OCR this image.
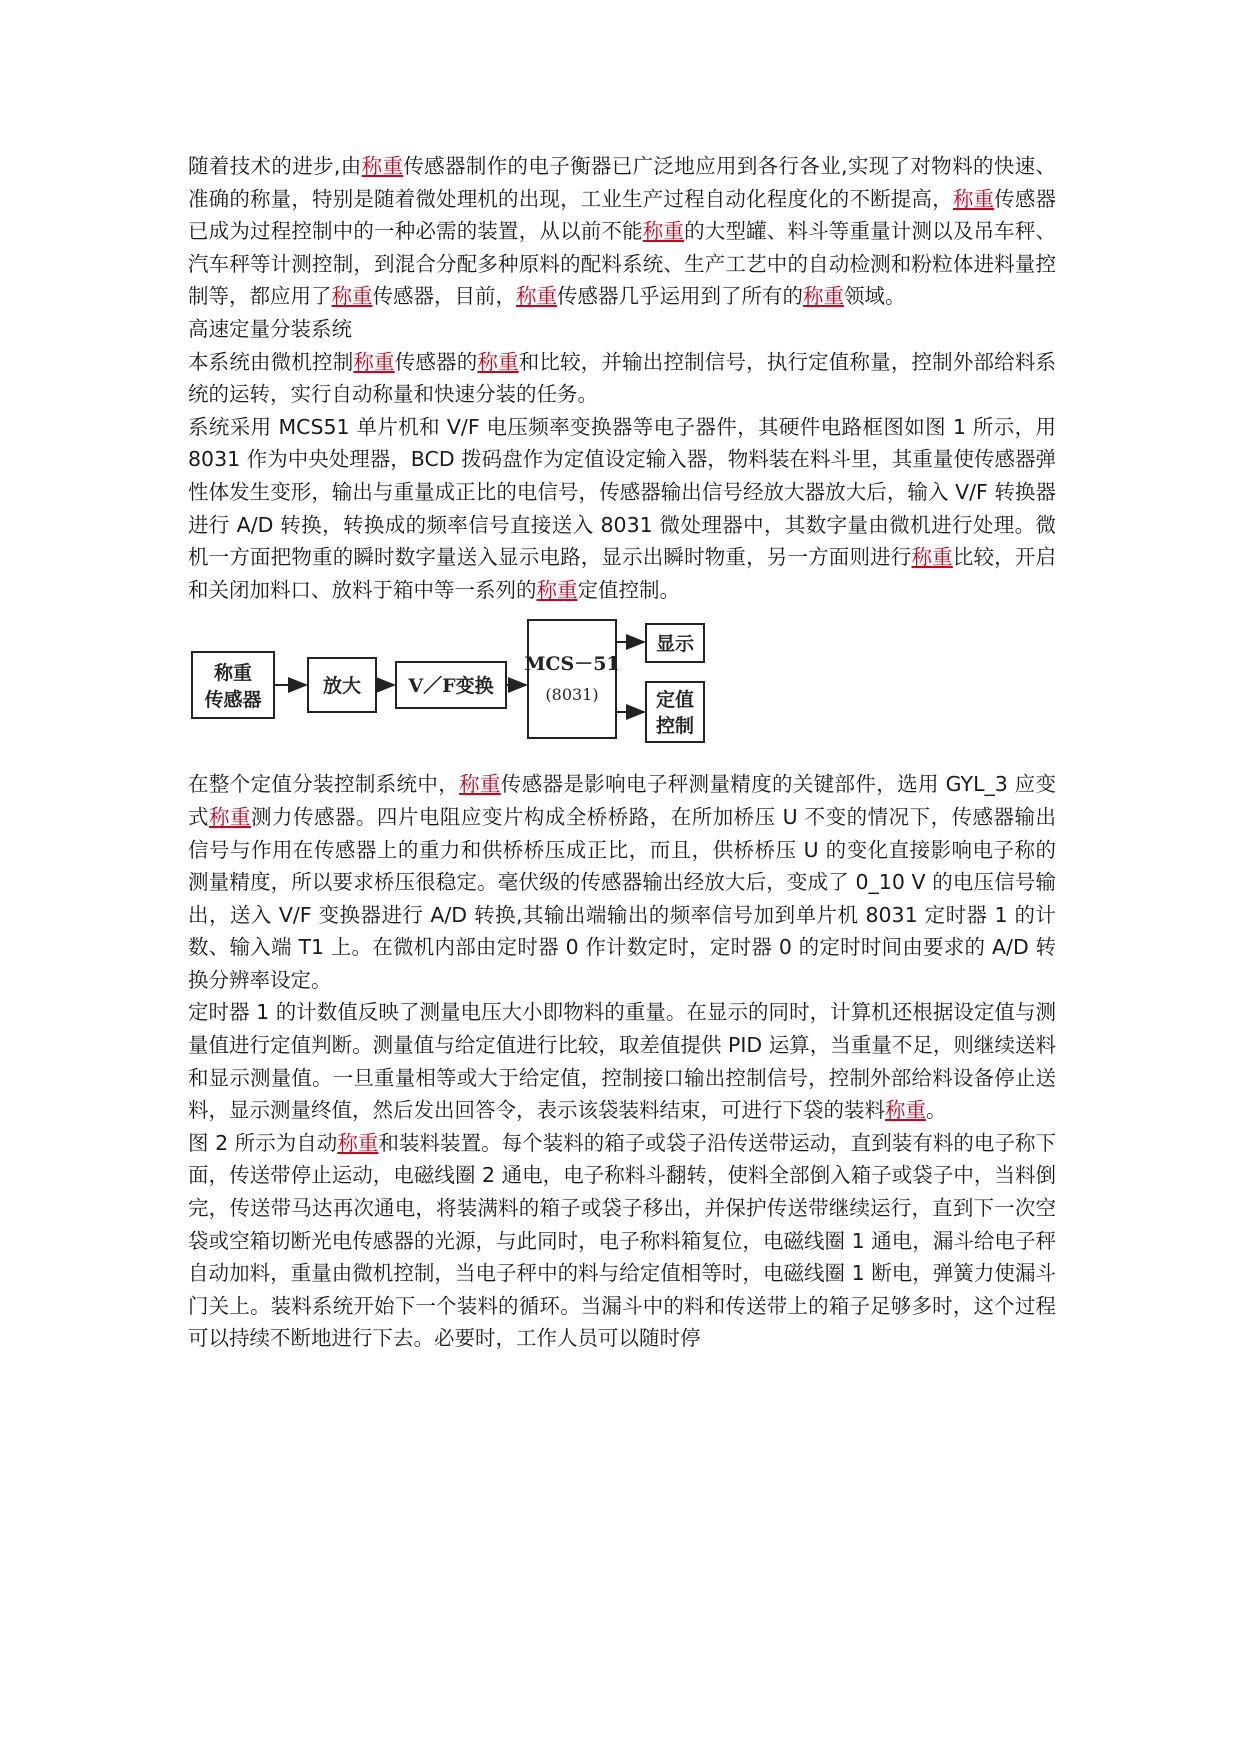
随着技术的进步,由称重传感器制作的电子衡器已广泛地应用到各行各业,实现了对物料的快速、准确的称量，特别是随着微处理机的出现，工业生产过程自动化程度化的不断提高，称重传感器已成为过程控制中的一种必需的装置，从以前不能称重的大型罐、料斗等重量计测以及吊车秤、汽车秤等计测控制，到混合分配多种原料的配料系统、生产工艺中的自动检测和粉粒体进料量控制等，都应用了称重传感器，目前，称重传感器几乎运用到了所有的称重领域。

高速定量分装系统

本系统由微机控制称重传感器的称重和比较，并输出控制信号，执行定值称量，控制外部给料系统的运转，实行自动称量和快速分装的任务。

系统采用 MCS51 单片机和 V/F 电压频率变换器等电子器件，其硬件电路框图如图 1 所示，用 8031 作为中央处理器，BCD 拨码盘作为定值设定输入器，物料装在料斗里，其重量使传感器弹性体发生变形，输出与重量成正比的电信号，传感器输出信号经放大器放大后，输入 V/F 转换器进行 A/D 转换，转换成的频率信号直接送入 8031 微处理器中，其数字量由微机进行处理。微机一方面把物重的瞬时数字量送入显示电路，显示出瞬时物重，另一方面则进行称重比较，开启和关闭加料口、放料于箱中等一系列的称重定值控制。

称重
传感器
放大 V／F变换
MCS－51
(8031)
显示
定值
控制

在整个定值分装控制系统中，称重传感器是影响电子秤测量精度的关键部件，选用 GYL_3 应变式称重测力传感器。四片电阻应变片构成全桥桥路，在所加桥压 U 不变的情况下，传感器输出信号与作用在传感器上的重力和供桥桥压成正比，而且，供桥桥压 U 的变化直接影响电子称的测量精度，所以要求桥压很稳定。毫伏级的传感器输出经放大后，变成了 0_10 V 的电压信号输出，送入 V/F 变换器进行 A/D 转换,其输出端输出的频率信号加到单片机 8031 定时器 1 的计数、输入端 T1 上。在微机内部由定时器 0 作计数定时，定时器 0 的定时时间由要求的 A/D 转换分辨率设定。

定时器 1 的计数值反映了测量电压大小即物料的重量。在显示的同时，计算机还根据设定值与测量值进行定值判断。测量值与给定值进行比较，取差值提供 PID 运算，当重量不足，则继续送料和显示测量值。一旦重量相等或大于给定值，控制接口输出控制信号，控制外部给料设备停止送料，显示测量终值，然后发出回答令，表示该袋装料结束，可进行下袋的装料称重。

图 2 所示为自动称重和装料装置。每个装料的箱子或袋子沿传送带运动，直到装有料的电子称下面，传送带停止运动，电磁线圈 2 通电，电子称料斗翻转，使料全部倒入箱子或袋子中，当料倒完，传送带马达再次通电，将装满料的箱子或袋子移出，并保护传送带继续运行，直到下一次空袋或空箱切断光电传感器的光源，与此同时，电子称料箱复位，电磁线圈 1 通电，漏斗给电子秤自动加料，重量由微机控制，当电子秤中的料与给定值相等时，电磁线圈 1 断电，弹簧力使漏斗门关上。装料系统开始下一个装料的循环。当漏斗中的料和传送带上的箱子足够多时，这个过程可以持续不断地进行下去。必要时，工作人员可以随时停
